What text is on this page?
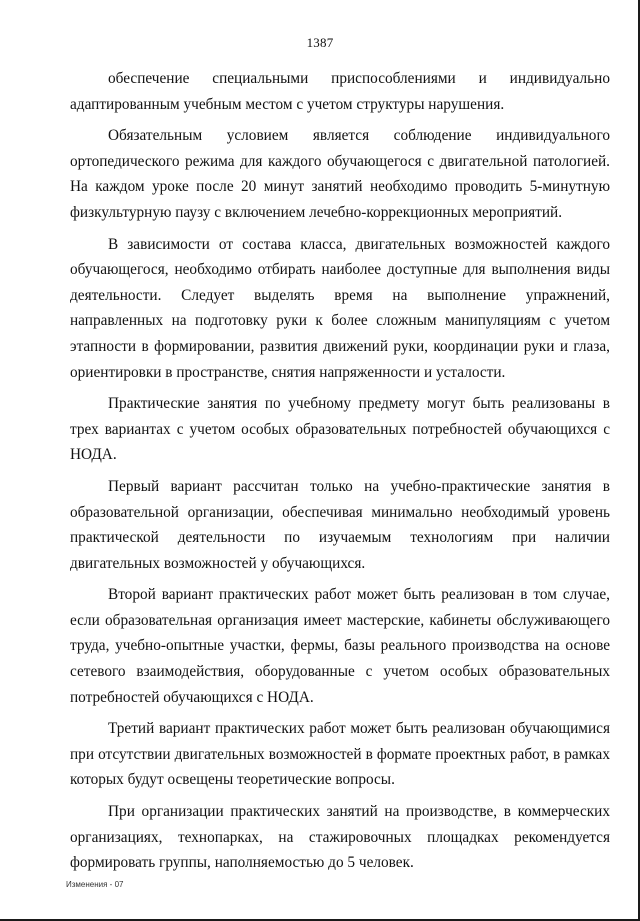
1387

обеспечение специальными приспособлениями и индивидуально адаптированным учебным местом с учетом структуры нарушения.

Обязательным условием является соблюдение индивидуального ортопедического режима для каждого обучающегося с двигательной патологией. На каждом уроке после 20 минут занятий необходимо проводить 5-минутную физкультурную паузу с включением лечебно-коррекционных мероприятий.

В зависимости от состава класса, двигательных возможностей каждого обучающегося, необходимо отбирать наиболее доступные для выполнения виды деятельности. Следует выделять время на выполнение упражнений, направленных на подготовку руки к более сложным манипуляциям с учетом этапности в формировании, развития движений руки, координации руки и глаза, ориентировки в пространстве, снятия напряженности и усталости.

Практические занятия по учебному предмету могут быть реализованы в трех вариантах с учетом особых образовательных потребностей обучающихся с НОДА.

Первый вариант рассчитан только на учебно-практические занятия в образовательной организации, обеспечивая минимально необходимый уровень практической деятельности по изучаемым технологиям при наличии двигательных возможностей у обучающихся.

Второй вариант практических работ может быть реализован в том случае, если образовательная организация имеет мастерские, кабинеты обслуживающего труда, учебно-опытные участки, фермы, базы реального производства на основе сетевого взаимодействия, оборудованные с учетом особых образовательных потребностей обучающихся с НОДА.

Третий вариант практических работ может быть реализован обучающимися при отсутствии двигательных возможностей в формате проектных работ, в рамках которых будут освещены теоретические вопросы.

При организации практических занятий на производстве, в коммерческих организациях, технопарках, на стажировочных площадках рекомендуется формировать группы, наполняемостью до 5 человек.

Изменения - 07
